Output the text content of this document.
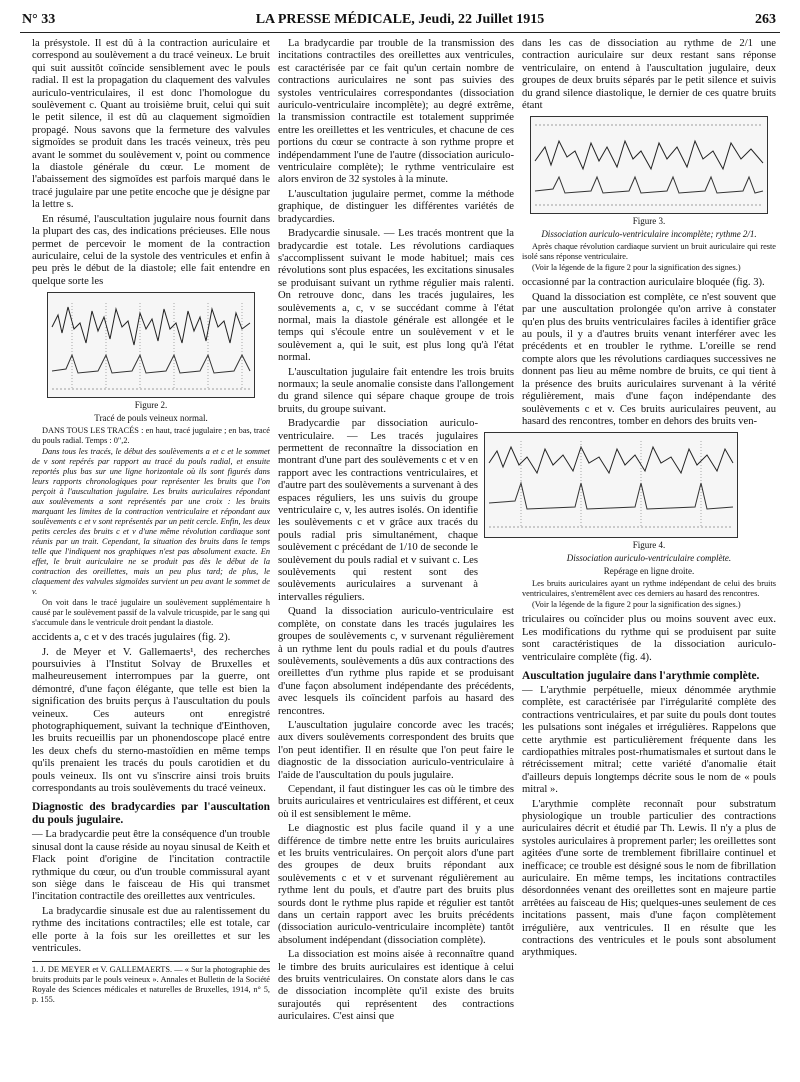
N° 33	LA PRESSE MÉDICALE, Jeudi, 22 Juillet 1915	263

la présystole. Il est dû à la contraction auriculaire et correspond au soulèvement a du tracé veineux. Le bruit qui suit aussitôt coïncide sensiblement avec le pouls radial. Il est la propagation du claquement des valvules auriculo-ventriculaires, il est donc l'homologue du soulèvement c. Quant au troisième bruit, celui qui suit le petit silence, il est dû au claquement sigmoïdien propagé. Nous savons que la fermeture des valvules sigmoïdes se produit dans les tracés veineux, très peu avant le sommet du soulèvement v, point ou commence la diastole générale du cœur. Le moment de l'abaissement des sigmoïdes est parfois marqué dans le tracé jugulaire par une petite encoche que je désigne par la lettre s.

En résumé, l'auscultation jugulaire nous fournit dans la plupart des cas, des indications précieuses. Elle nous permet de percevoir le moment de la contraction auriculaire, celui de la systole des ventricules et enfin à peu près le début de la diastole; elle fait entendre en quelque sorte les

Figure 2.
Tracé de pouls veineux normal.

DANS TOUS LES TRACÉS : en haut, tracé jugulaire ; en bas, tracé du pouls radial. Temps : 0",2.

Dans tous les tracés, le début des soulèvements a et c et le sommet de v sont repérés par rapport au tracé du pouls radial, et ensuite reportés plus bas sur une ligne horizontale où ils sont figurés dans leurs rapports chronologiques pour représenter les bruits que l'on perçoit à l'auscultation jugulaire. Les bruits auriculaires répondant aux soulèvements a sont représentés par une croix : les bruits marquant les limites de la contraction ventriculaire et répondant aux soulèvements c et v sont représentés par un petit cercle. Enfin, les deux petits cercles des bruits c et v d'une même révolution cardiaque sont réunis par un trait. Cependant, la situation des bruits dans le temps telle que l'indiquent nos graphiques n'est pas absolument exacte. En effet, le bruit auriculaire ne se produit pas dès le début de la contraction des oreillettes, mais un peu plus tard; de plus, le claquement des valvules sigmoïdes survient un peu avant le sommet de v.

On voit dans le tracé jugulaire un soulèvement supplémentaire h causé par le soulèvement passif de la valvule tricuspide, par le sang qui s'accumule dans le ventricule droit pendant la diastole.

accidents a, c et v des tracés jugulaires (fig. 2).

J. de Meyer et V. Gallemaerts¹, des recherches poursuivies à l'Institut Solvay de Bruxelles et malheureusement interrompues par la guerre, ont démontré, d'une façon élégante, que telle est bien la signification des bruits perçus à l'auscultation du pouls veineux. Ces auteurs ont enregistré photographiquement, suivant la technique d'Einthoven, les bruits recueillis par un phonendoscope placé entre les deux chefs du sterno-mastoïdien en même temps qu'ils prenaient les tracés du pouls carotidien et du pouls veineux. Ils ont vu s'inscrire ainsi trois bruits correspondants au trois soulèvements du tracé veineux.

Diagnostic des bradycardies par l'auscultation du pouls jugulaire.

— La bradycardie peut être la conséquence d'un trouble sinusal dont la cause réside au noyau sinusal de Keith et Flack point d'origine de l'incitation contractile rythmique du cœur, ou d'un trouble commissural ayant son siège dans le faisceau de His qui transmet l'incitation contractile des oreillettes aux ventricules.

La bradycardie sinusale est due au ralentissement du rythme des incitations contractiles; elle est totale, car elle porte à la fois sur les oreillettes et sur les ventricules.

1. J. DE MEYER et V. GALLEMAERTS. — « Sur la photographie des bruits produits par le pouls veineux ». Annales et Bulletin de la Société Royale des Sciences médicales et naturelles de Bruxelles, 1914, n° 5, p. 155.

La bradycardie par trouble de la transmission des incitations contractiles des oreillettes aux ventricules, est caractérisée par ce fait qu'un certain nombre de contractions auriculaires ne sont pas suivies des systoles ventriculaires correspondantes (dissociation auriculo-ventriculaire incomplète); au degré extrême, la transmission contractile est totalement supprimée entre les oreillettes et les ventricules, et chacune de ces portions du cœur se contracte à son rythme propre et indépendamment l'une de l'autre (dissociation auriculo-ventriculaire complète); le rythme ventriculaire est alors environ de 32 systoles à la minute.

L'auscultation jugulaire permet, comme la méthode graphique, de distinguer les différentes variétés de bradycardies.

Bradycardie sinusale. — Les tracés montrent que la bradycardie est totale. Les révolutions cardiaques s'accomplissent suivant le mode habituel; mais ces révolutions sont plus espacées, les excitations sinusales se produisant suivant un rythme régulier mais ralenti. On retrouve donc, dans les tracés jugulaires, les soulèvements a, c, v se succédant comme à l'état normal, mais la diastole générale est allongée et le temps qui s'écoule entre un soulèvement v et le soulèvement a, qui le suit, est plus long qu'à l'état normal.

L'auscultation jugulaire fait entendre les trois bruits normaux; la seule anomalie consiste dans l'allongement du grand silence qui sépare chaque groupe de trois bruits, du groupe suivant.

Bradycardie par dissociation auriculo-ventriculaire. — Les tracés jugulaires permettent de reconnaître la dissociation en montrant d'une part des soulèvements c et v en rapport avec les contractions ventriculaires, et d'autre part des soulèvements a survenant à des espaces réguliers, les uns suivis du groupe ventriculaire c, v, les autres isolés. On identifie les soulèvements c et v grâce aux tracés du pouls radial pris simultanément, chaque soulèvement c précédant de 1/10 de seconde le soulèvement du pouls radial et v suivant c. Les soulèvements qui restent sont des soulèvements auriculaires a survenant à intervalles réguliers.

Quand la dissociation auriculo-ventriculaire est complète, on constate dans les tracés jugulaires les groupes de soulèvements c, v survenant régulièrement à un rythme lent du pouls radial et du pouls d'autres soulèvements, soulèvements a dûs aux contractions des oreillettes d'un rythme plus rapide et se produisant d'une façon absolument indépendante des précédents, avec lesquels ils coïncident parfois au hasard des rencontres.

L'auscultation jugulaire concorde avec les tracés; aux divers soulèvements correspondent des bruits que l'on peut identifier. Il en résulte que l'on peut faire le diagnostic de la dissociation auriculo-ventriculaire à l'aide de l'auscultation du pouls jugulaire.

Cependant, il faut distinguer les cas où le timbre des bruits auriculaires et ventriculaires est différent, et ceux où il est sensiblement le même.

Le diagnostic est plus facile quand il y a une différence de timbre nette entre les bruits auriculaires et les bruits ventriculaires. On perçoit alors d'une part des groupes de deux bruits répondant aux soulèvements c et v et survenant régulièrement au rythme lent du pouls, et d'autre part des bruits plus sourds dont le rythme plus rapide et régulier est tantôt dans un certain rapport avec les bruits précédents (dissociation auriculo-ventriculaire incomplète) tantôt absolument indépendant (dissociation complète).

La dissociation est moins aisée à reconnaître quand le timbre des bruits auriculaires est identique à celui des bruits ventriculaires. On constate alors dans le cas de dissociation incomplète qu'il existe des bruits surajoutés qui représentent des contractions auriculaires. C'est ainsi que

dans les cas de dissociation au rythme de 2/1 une contraction auriculaire sur deux restant sans réponse ventriculaire, on entend à l'auscultation jugulaire, deux groupes de deux bruits séparés par le petit silence et suivis du grand silence diastolique, le dernier de ces quatre bruits étant

Figure 3.
Dissociation auriculo-ventriculaire incomplète; rythme 2/1.

Après chaque révolution cardiaque survient un bruit auriculaire qui reste isolé sans réponse ventriculaire.

(Voir la légende de la figure 2 pour la signification des signes.)

occasionné par la contraction auriculaire bloquée (fig. 3).

Quand la dissociation est complète, ce n'est souvent que par une auscultation prolongée qu'on arrive à constater qu'en plus des bruits ventriculaires faciles à identifier grâce au pouls, il y a d'autres bruits venant interférer avec les précédents et en troubler le rythme. L'oreille se rend compte alors que les révolutions cardiaques successives ne donnent pas lieu au même nombre de bruits, ce qui tient à la présence des bruits auriculaires survenant à la vérité régulièrement, mais d'une façon indépendante des soulèvements c et v. Ces bruits auriculaires peuvent, au hasard des rencontres, tomber en dehors des bruits ven-

Figure 4.
Dissociation auriculo-ventriculaire complète.
Repérage en ligne droite.

Les bruits auriculaires ayant un rythme indépendant de celui des bruits ventriculaires, s'entremêlent avec ces derniers au hasard des rencontres.

(Voir la légende de la figure 2 pour la signification des signes.)

triculaires ou coïncider plus ou moins souvent avec eux. Les modifications du rythme qui se produisent par suite sont caractéristiques de la dissociation auriculo-ventriculaire complète (fig. 4).

Auscultation jugulaire dans l'arythmie complète.

— L'arythmie perpétuelle, mieux dénommée arythmie complète, est caractérisée par l'irrégularité complète des contractions ventriculaires, et par suite du pouls dont toutes les pulsations sont inégales et irrégulières. Rappelons que cette arythmie est particulièrement fréquente dans les cardiopathies mitrales post-rhumatismales et surtout dans le rétrécissement mitral; cette variété d'anomalie était d'ailleurs depuis longtemps décrite sous le nom de « pouls mitral ».

L'arythmie complète reconnaît pour substratum physiologique un trouble particulier des contractions auriculaires décrit et étudié par Th. Lewis. Il n'y a plus de systoles auriculaires à proprement parler; les oreillettes sont agitées d'une sorte de tremblement fibrillaire continuel et inefficace; ce trouble est désigné sous le nom de fibrillation auriculaire. En même temps, les incitations contractiles désordonnées venant des oreillettes sont en majeure partie arrêtées au faisceau de His; quelques-unes seulement de ces incitations passent, mais d'une façon complètement irrégulière, aux ventricules. Il en résulte que les contractions des ventricules et le pouls sont absolument arythmiques.
